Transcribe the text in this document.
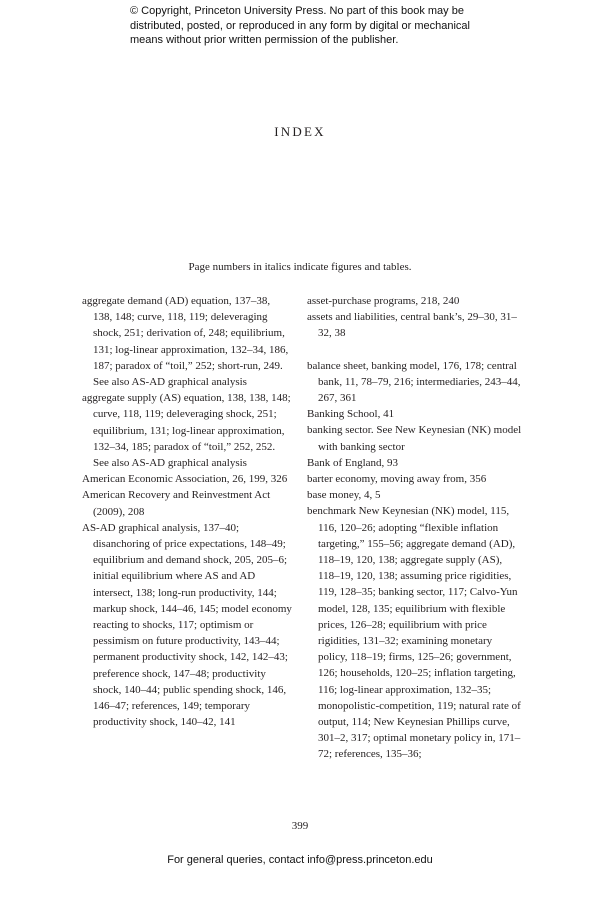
© Copyright, Princeton University Press. No part of this book may be
distributed, posted, or reproduced in any form by digital or mechanical
means without prior written permission of the publisher.
INDEX
Page numbers in italics indicate figures and tables.
aggregate demand (AD) equation, 137–38, 138, 148; curve, 118, 119; deleveraging shock, 251; derivation of, 248; equilibrium, 131; log-linear approximation, 132–34, 186, 187; paradox of “toil,” 252; short-run, 249. See also AS-AD graphical analysis
aggregate supply (AS) equation, 138, 138, 148; curve, 118, 119; deleveraging shock, 251; equilibrium, 131; log-linear approximation, 132–34, 185; paradox of “toil,” 252, 252. See also AS-AD graphical analysis
American Economic Association, 26, 199, 326
American Recovery and Reinvestment Act (2009), 208
AS-AD graphical analysis, 137–40; disanchoring of price expectations, 148–49; equilibrium and demand shock, 205, 205–6; initial equilibrium where AS and AD intersect, 138; long-run productivity, 144; markup shock, 144–46, 145; model economy reacting to shocks, 117; optimism or pessimism on future productivity, 143–44; permanent productivity shock, 142, 142–43; preference shock, 147–48; productivity shock, 140–44; public spending shock, 146, 146–47; references, 149; temporary productivity shock, 140–42, 141
asset-purchase programs, 218, 240
assets and liabilities, central bank’s, 29–30, 31–32, 38
balance sheet, banking model, 176, 178; central bank, 11, 78–79, 216; intermediaries, 243–44, 267, 361
Banking School, 41
banking sector. See New Keynesian (NK) model with banking sector
Bank of England, 93
barter economy, moving away from, 356
base money, 4, 5
benchmark New Keynesian (NK) model, 115, 116, 120–26; adopting “flexible inflation targeting,” 155–56; aggregate demand (AD), 118–19, 120, 138; aggregate supply (AS), 118–19, 120, 138; assuming price rigidities, 119, 128–35; banking sector, 117; Calvo-Yun model, 128, 135; equilibrium with flexible prices, 126–28; equilibrium with price rigidities, 131–32; examining monetary policy, 118–19; firms, 125–26; government, 126; households, 120–25; inflation targeting, 116; log-linear approximation, 132–35; monopolistic-competition, 119; natural rate of output, 114; New Keynesian Phillips curve, 301–2, 317; optimal monetary policy in, 171–72; references, 135–36;
399
For general queries, contact info@press.princeton.edu
